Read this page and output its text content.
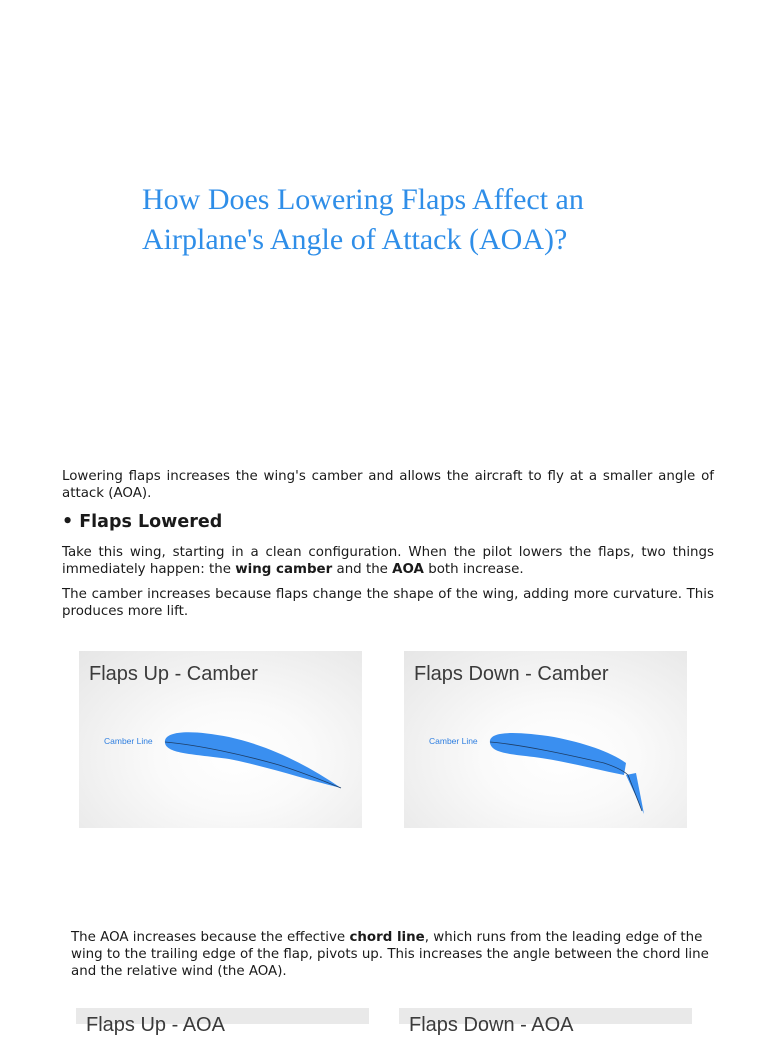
How Does Lowering Flaps Affect an Airplane's Angle of Attack (AOA)?

Lowering flaps increases the wing's camber and allows the aircraft to fly at a smaller angle of attack (AOA).

• Flaps Lowered

Take this wing, starting in a clean configuration. When the pilot lowers the flaps, two things immediately happen: the wing camber and the AOA both increase.

The camber increases because flaps change the shape of the wing, adding more curvature. This produces more lift.

Flaps Up - Camber
Camber Line
Flaps Down - Camber
Camber Line

The AOA increases because the effective chord line, which runs from the leading edge of the wing to the trailing edge of the flap, pivots up. This increases the angle between the chord line and the relative wind (the AOA).

Flaps Up - AOA	Flaps Down - AOA
